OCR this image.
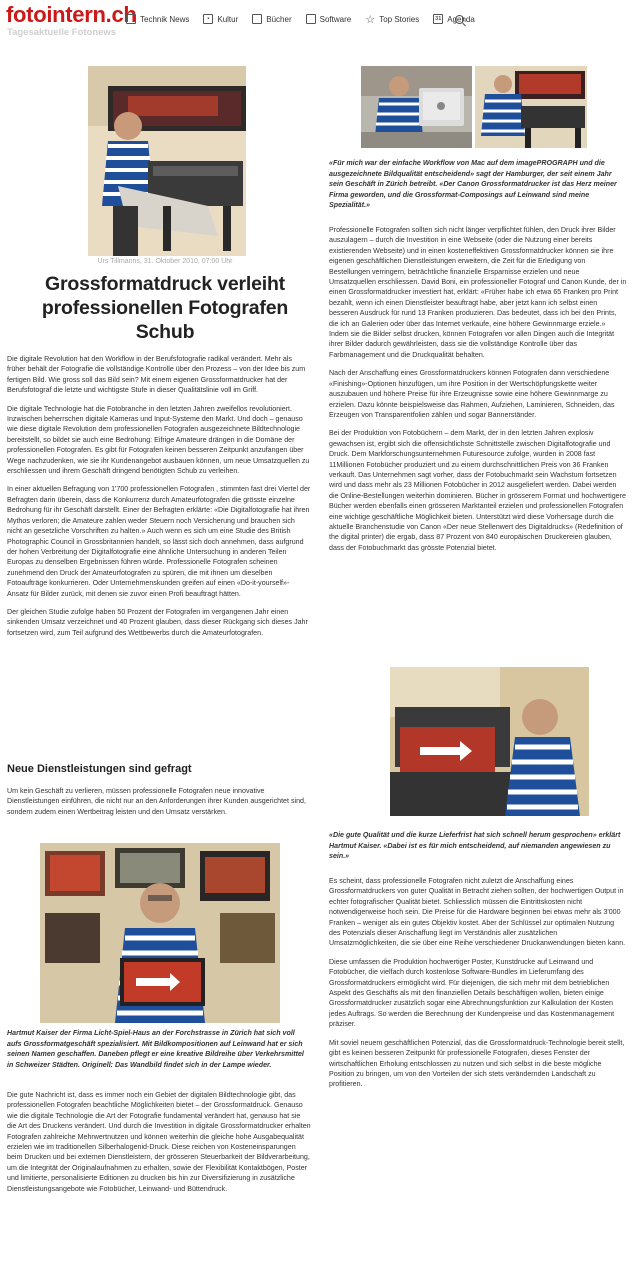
fotointern.ch
Tagesaktuelle Fotonews
Technik News	▪ Kultur	Bücher	Software ☆ Top Stories	31 Agenda
Urs Tillmanns, 31. Oktober 2010, 07:00 Uhr
Grossformatdruck verleiht professionellen Fotografen Schub

Die digitale Revolution hat den Workflow in der Berufsfotografie radikal verändert. Mehr als früher behält der Fotografie die vollständige Kontrolle über den Prozess – von der Idee bis zum fertigen Bild. Wie gross soll das Bild sein? Mit einem eigenen Grossformatdrucker hat der Berufsfotograf die letzte und wichtigste Stufe in dieser Qualitätslinie voll im Griff.

Die digitale Technologie hat die Fotobranche in den letzten Jahren zweifellos revolutioniert. Inzwischen beherrschen digitale Kameras und Input-Systeme den Markt. Und doch – genauso wie diese digitale Revolution dem professionellen Fotografen ausgezeichnete Bildtechnologie bereitstellt, so bildet sie auch eine Bedrohung: Eifrige Amateure drängen in die Domäne der professionellen Fotografen. Es gibt für Fotografen keinen besseren Zeitpunkt anzufangen über Wege nachzudenken, wie sie ihr Kundenangebot ausbauen können, um neue Umsatzquellen zu erschliessen und ihrem Geschäft dringend benötigten Schub zu verleihen.

In einer aktuellen Befragung von 1'700 professionellen Fotografen , stimmten fast drei Viertel der Befragten darin überein, dass die Konkurrenz durch Amateurfotografen die grösste einzelne Bedrohung für ihr Geschäft darstellt. Einer der Befragten erklärte: «Die Digitalfotografie hat ihren Mythos verloren; die Amateure zahlen weder Steuern noch Versicherung und brauchen sich nicht an gesetzliche Vorschriften zu halten.» Auch wenn es sich um eine Studie des British Photographic Council in Grossbritannien handelt, so lässt sich doch annehmen, dass aufgrund der hohen Verbreitung der Digitalfotografie eine ähnliche Untersuchung in anderen Teilen Europas zu denselben Ergebnissen führen würde. Professionelle Fotografen scheinen zunehmend den Druck der Amateurfotografen zu spüren, die mit ihnen um dieselben Fotoaufträge konkurrieren. Oder Unternehmenskunden greifen auf einen «Do-it-yourself»-Ansatz für Bilder zurück, mit denen sie zuvor einen Profi beauftragt hätten.

Der gleichen Studie zufolge haben 50 Prozent der Fotografen im vergangenen Jahr einen sinkenden Umsatz verzeichnet und 40 Prozent glauben, dass dieser Rückgang sich dieses Jahr fortsetzen wird, zum Teil aufgrund des Wettbewerbs durch die Amateurfotografen.

Neue Dienstleistungen sind gefragt

Um kein Geschäft zu verlieren, müssen professionelle Fotografen neue innovative Dienstleistungen einführen, die nicht nur an den Anforderungen ihrer Kunden ausgerichtet sind, sondern zudem einen Wertbeitrag leisten und den Umsatz verstärken.

Hartmut Kaiser der Firma Licht-Spiel-Haus an der Forchstrasse in Zürich hat sich voll aufs Grossformatgeschäft spezialisiert. Mit Bildkompositionen auf Leinwand hat er sich seinen Namen geschaffen. Daneben pflegt er eine kreative Bildreihe über Verkehrsmittel in Schweizer Städten. Originell: Das Wandbild findet sich in der Lampe wieder.

Die gute Nachricht ist, dass es immer noch ein Gebiet der digitalen Bildtechnologie gibt, das professionellen Fotografen beachtliche Möglichkeiten bietet – der Grossformatdruck. Genauso wie die digitale Technologie die Art der Fotografie fundamental verändert hat, genauso hat sie die Art des Druckens verändert. Und durch die Investition in digitale Grossformatdrucker erhalten Fotografen zahlreiche Mehrwertnutzen und können weiterhin die gleiche hohe Ausgabequalität erzielen wie im traditionellen Silberhalogenid-Druck. Diese reichen von Kosteneinsparungen beim Drucken und bei externen Dienstleistern, der grösseren Steuerbarkeit der Bildverarbeitung, um die Integrität der Originalaufnahmen zu erhalten, sowie der Flexibilität Kontaktbögen, Poster und limitierte, personalisierte Editionen zu drucken bis hin zur Diversifizierung in zusätzliche Dienstleistungsangebote wie Fotobücher, Leinwand- und Büttendruck.

«Für mich war der einfache Workflow von Mac auf dem imagePROGRAPH und die ausgezeichnete Bildqualität entscheidend» sagt der Hamburger, der seit einem Jahr sein Geschäft in Zürich betreibt. «Der Canon Grossformatdrucker ist das Herz meiner Firma geworden, und die Grossformat-Composings auf Leinwand sind meine Spezialität.»

Professionelle Fotografen sollten sich nicht länger verpflichtet fühlen, den Druck ihrer Bilder auszulagern – durch die Investition in eine Webseite (oder die Nutzung einer bereits existierenden Webseite) und in einen kosteneffektiven Grossformatdrucker können sie ihre eigenen geschäftlichen Dienstleistungen erweitern, die Zeit für die Erledigung von Bestellungen verringern, beträchtliche finanzielle Ersparnisse erzielen und neue Umsatzquellen erschliessen. David Boni, ein professioneller Fotograf und Canon Kunde, der in einen Grossformatdrucker investiert hat, erklärt: «Früher habe ich etwa 65 Franken pro Print bezahlt, wenn ich einen Dienstleister beauftragt habe, aber jetzt kann ich selbst einen besseren Ausdruck für rund 13 Franken produzieren. Das bedeutet, dass ich bei den Prints, die ich an Galerien oder über das Internet verkaufe, eine höhere Gewinnmarge erziele.» Indem sie die Bilder selbst drucken, können Fotografen vor allen Dingen auch die Integrität ihrer Bilder dadurch gewährleisten, dass sie die vollständige Kontrolle über das Farbmanagement und die Druckqualität behalten.

Nach der Anschaffung eines Grossformatdruckers können Fotografen dann verschiedene «Finishing»-Optionen hinzufügen, um ihre Position in der Wertschöpfungskette weiter auszubauen und höhere Preise für ihre Erzeugnisse sowie eine höhere Gewinnmarge zu erzielen. Dazu könnte beispielsweise das Rahmen, Aufziehen, Laminieren, Schneiden, das Erzeugen von Transparentfolien zählen und sogar Bannerständer.

Bei der Produktion von Fotobüchern – dem Markt, der in den letzten Jahren explosiv gewachsen ist, ergibt sich die offensichtlichste Schnittstelle zwischen Digitalfotografie und Druck. Dem Markforschungsunternehmen Futuresource zufolge, wurden in 2008 fast 11Millionen Fotobücher produziert und zu einem durchschnittlichen Preis von 36 Franken verkauft. Das Unternehmen sagt vorher, dass der Fotobuchmarkt sein Wachstum fortsetzen wird und dass mehr als 23 Millionen Fotobücher in 2012 ausgeliefert werden. Dabei werden die Online-Bestellungen weiterhin dominieren. Bücher in grösserem Format und hochwertigere Bücher werden ebenfalls einen grösseren Marktanteil erzielen und professionellen Fotografen eine wichtige geschäftliche Möglichkeit bieten. Unterstützt wird diese Vorhersage durch die aktuelle Branchenstudie von Canon «Der neue Stellenwert des Digitaldrucks» (Redefinition of the digital printer) die ergab, dass 87 Prozent von 840 europäischen Druckereien glauben, dass der Fotobuchmarkt das grösste Potenzial bietet.

«Die gute Qualität und die kurze Lieferfrist hat sich schnell herum gesprochen» erklärt Hartmut Kaiser. «Dabei ist es für mich entscheidend, auf niemanden angewiesen zu sein.»

Es scheint, dass professionelle Fotografen nicht zuletzt die Anschaffung eines Grossformatdruckers von guter Qualität in Betracht ziehen sollten, der hochwertigen Output in echter fotografischer Qualität bietet. Schliesslich müssen die Eintrittskosten nicht notwendigerweise hoch sein. Die Preise für die Hardware beginnen bei etwas mehr als 3'000 Franken – weniger als ein gutes Objektiv kostet. Aber der Schlüssel zur optimalen Nutzung des Potenzials dieser Anschaffung liegt im Verständnis aller zusätzlichen Umsatzmöglichkeiten, die sie über eine Reihe verschiedener Druckanwendungen bieten kann.

Diese umfassen die Produktion hochwertiger Poster, Kunstdrucke auf Leinwand und Fotobücher, die vielfach durch kostenlose Software-Bundles im Lieferumfang des Grossformatdruckers ermöglicht wird. Für diejenigen, die sich mehr mit dem betrieblichen Aspekt des Geschäfts als mit den finanziellen Details beschäftigen wollen, bieten einige Grossformatdrucker zusätzlich sogar eine Abrechnungsfunktion zur Kalkulation der Kosten jedes Auftrags. So werden die Berechnung der Kundenpreise und das Kostenmanagement präziser.

Mit soviel neuem geschäftlichen Potenzial, das die Grossformatdruck-Technologie bereit stellt, gibt es keinen besseren Zeitpunkt für professionelle Fotografen, dieses Fenster der wirtschaftlichen Erholung entschlossen zu nutzen und sich selbst in die beste mögliche Position zu bringen, um von den Vorteilen der sich stets verändernden Landschaft zu profitieren.
